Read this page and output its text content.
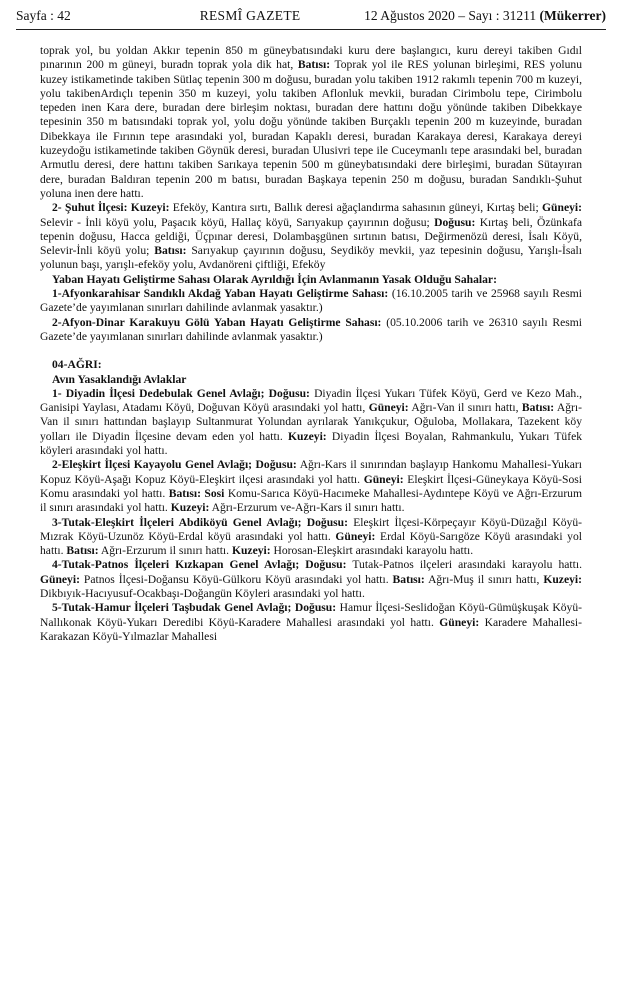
Sayfa : 42	RESMÎ GAZETE	12 Ağustos 2020 – Sayı : 31211 (Mükerrer)

toprak yol, bu yoldan Akkır tepenin 850 m güneybatısındaki kuru dere başlangıcı, kuru dereyi takiben Gıdıl pınarının 200 m güneyi, buradn toprak yola dik hat, Batısı: Toprak yol ile RES yolunan birleşimi, RES yolunu kuzey istikametinde takiben Sütlaç tepenin 300 m doğusu, buradan yolu takiben 1912 rakımlı tepenin 700 m kuzeyi, yolu takibenArdıçlı tepenin 350 m kuzeyi, yolu takiben Aflonluk mevkii, buradan Cirimbolu tepe, Cirimbolu tepeden inen Kara dere, buradan dere birleşim noktası, buradan dere hattını doğu yönünde takiben Dibekkaye tepesinin 350 m batısındaki toprak yol, yolu doğu yönünde takiben Burçaklı tepenin 200 m kuzeyinde, buradan Dibekkaya ile Fırının tepe arasındaki yol, buradan Kapaklı deresi, buradan Karakaya deresi, Karakaya dereyi kuzeydoğu istikametinde takiben Göynük deresi, buradan Ulusivri tepe ile Cuceymanlı tepe arasındaki bel, buradan Armutlu deresi, dere hattını takiben Sarıkaya tepenin 500 m güneybatısındaki dere birleşimi, buradan Sütayıran dere, buradan Baldıran tepenin 200 m batısı, buradan Başkaya tepenin 250 m doğusu, buradan Sandıklı-Şuhut yoluna inen dere hattı.

2- Şuhut İlçesi: Kuzeyi: Efeköy, Kantıra sırtı, Ballık deresi ağaçlandırma sahasının güneyi, Kırtaş beli; Güneyi: Selevir - İnli köyü yolu, Paşacık köyü, Hallaç köyü, Sarıyakup çayırının doğusu; Doğusu: Kırtaş beli, Özünkafa tepenin doğusu, Hacca geldiği, Üçpınar deresi, Dolambaşgünen sırtının batısı, Değirmenözü deresi, İsalı Köyü, Selevir-İnli köyü yolu; Batısı: Sarıyakup çayırının doğusu, Seydiköy mevkii, yaz tepesinin doğusu, Yarışlı-İsalı yolunun başı, yarışlı-efeköy yolu, Avdanöreni çiftliği, Efeköy

Yaban Hayatı Geliştirme Sahası Olarak Ayrıldığı İçin Avlanmanın Yasak Olduğu Sahalar:

1-Afyonkarahisar Sandıklı Akdağ Yaban Hayatı Geliştirme Sahası: (16.10.2005 tarih ve 25968 sayılı Resmi Gazete’de yayımlanan sınırları dahilinde avlanmak yasaktır.)

2-Afyon-Dinar Karakuyu Gölü Yaban Hayatı Geliştirme Sahası: (05.10.2006 tarih ve 26310 sayılı Resmi Gazete’de yayımlanan sınırları dahilinde avlanmak yasaktır.)

04-AĞRI:

Avın Yasaklandığı Avlaklar

1- Diyadin İlçesi Dedebulak Genel Avlağı; Doğusu: Diyadin İlçesi Yukarı Tüfek Köyü, Gerd ve Kezo Mah., Ganisipi Yaylası, Atadamı Köyü, Doğuvan Köyü arasındaki yol hattı, Güneyi: Ağrı-Van il sınırı hattı, Batısı: Ağrı-Van il sınırı hattından başlayıp Sultanmurat Yolundan ayrılarak Yanıkçukur, Oğuloba, Mollakara, Tazekent köy yolları ile Diyadin İlçesine devam eden yol hattı. Kuzeyi: Diyadin İlçesi Boyalan, Rahmankulu, Yukarı Tüfek köyleri arasındaki yol hattı.

2-Eleşkirt İlçesi Kayayolu Genel Avlağı; Doğusu: Ağrı-Kars il sınırından başlayıp Hankomu Mahallesi-Yukarı Kopuz Köyü-Aşağı Kopuz Köyü-Eleşkirt ilçesi arasındaki yol hattı. Güneyi: Eleşkirt İlçesi-Güneykaya Köyü-Sosi Komu arasındaki yol hattı. Batısı: Sosi Komu-Sarıca Köyü-Hacımeke Mahallesi-Aydıntepe Köyü ve Ağrı-Erzurum il sınırı arasındaki yol hattı. Kuzeyi: Ağrı-Erzurum ve-Ağrı-Kars il sınırı hattı.

3-Tutak-Eleşkirt İlçeleri Abdiköyü Genel Avlağı; Doğusu: Eleşkirt İlçesi-Körpeçayır Köyü-Düzağıl Köyü-Mızrak Köyü-Uzunöz Köyü-Erdal köyü arasındaki yol hattı. Güneyi: Erdal Köyü-Sarıgöze Köyü arasındaki yol hattı. Batısı: Ağrı-Erzurum il sınırı hattı. Kuzeyi: Horosan-Eleşkirt arasındaki karayolu hattı.

4-Tutak-Patnos İlçeleri Kızkapan Genel Avlağı; Doğusu: Tutak-Patnos ilçeleri arasındaki karayolu hattı. Güneyi: Patnos İlçesi-Doğansu Köyü-Gülkoru Köyü arasındaki yol hattı. Batısı: Ağrı-Muş il sınırı hattı, Kuzeyi: Dikbıyık-Hacıyusuf-Ocakbaşı-Doğangün Köyleri arasındaki yol hattı.

5-Tutak-Hamur İlçeleri Taşbudak Genel Avlağı; Doğusu: Hamur İlçesi-Seslidoğan Köyü-Gümüşkuşak Köyü-Nallıkonak Köyü-Yukarı Deredibi Köyü-Karadere Mahallesi arasındaki yol hattı. Güneyi: Karadere Mahallesi-Karakazan Köyü-Yılmazlar Mahallesi
